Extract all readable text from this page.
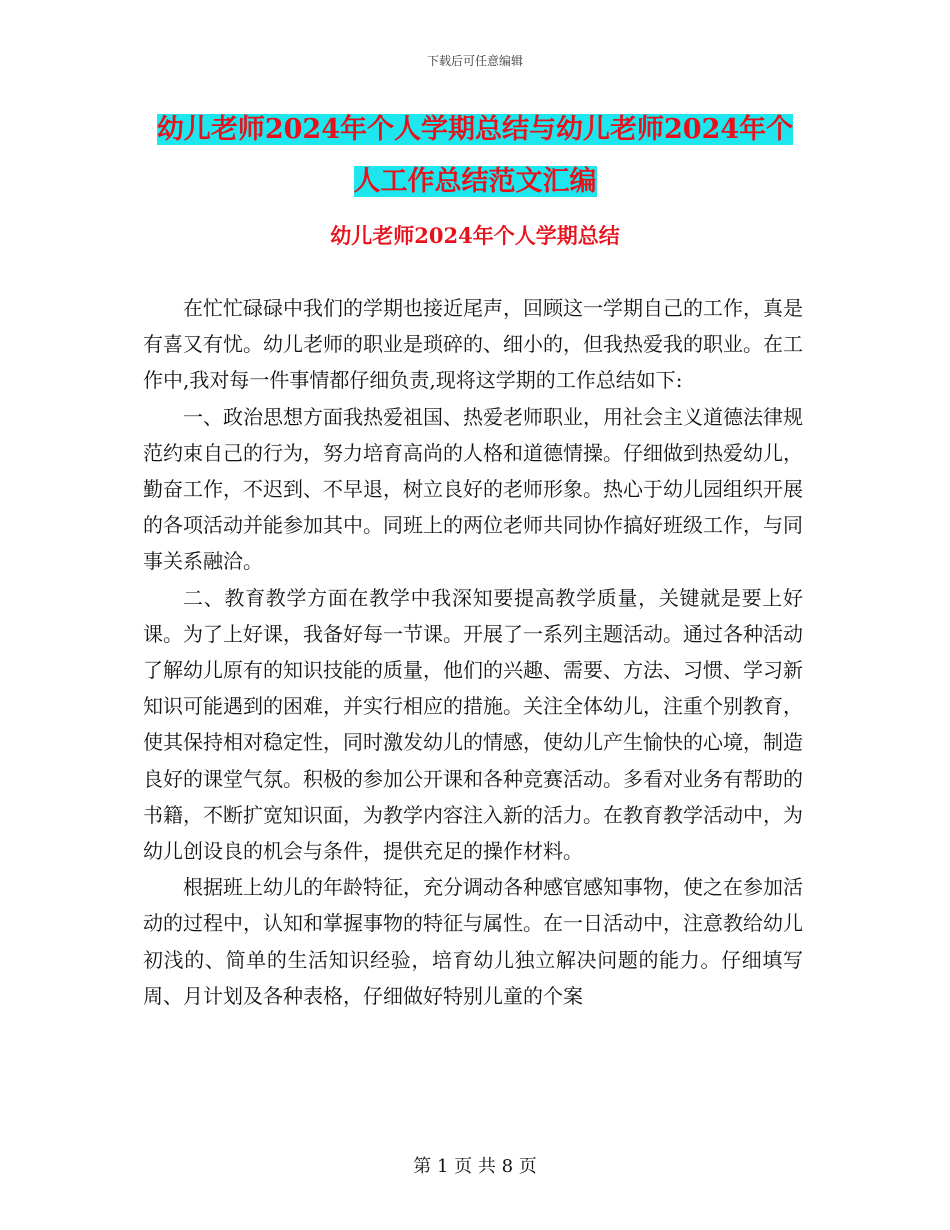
下载后可任意编辑
幼儿老师2024年个人学期总结与幼儿老师2024年个
人工作总结范文汇编
幼儿老师2024年个人学期总结

在忙忙碌碌中我们的学期也接近尾声，回顾这一学期自己的工作，真是有喜又有忧。幼儿老师的职业是琐碎的、细小的，但我热爱我的职业。在工作中,我对每一件事情都仔细负责,现将这学期的工作总结如下:

一、政治思想方面我热爱祖国、热爱老师职业，用社会主义道德法律规范约束自己的行为，努力培育高尚的人格和道德情操。仔细做到热爱幼儿，勤奋工作，不迟到、不早退，树立良好的老师形象。热心于幼儿园组织开展的各项活动并能参加其中。同班上的两位老师共同协作搞好班级工作，与同事关系融洽。

二、教育教学方面在教学中我深知要提高教学质量，关键就是要上好课。为了上好课，我备好每一节课。开展了一系列主题活动。通过各种活动了解幼儿原有的知识技能的质量，他们的兴趣、需要、方法、习惯、学习新知识可能遇到的困难，并实行相应的措施。关注全体幼儿，注重个别教育，使其保持相对稳定性，同时激发幼儿的情感，使幼儿产生愉快的心境，制造良好的课堂气氛。积极的参加公开课和各种竞赛活动。多看对业务有帮助的书籍，不断扩宽知识面，为教学内容注入新的活力。在教育教学活动中，为幼儿创设良的机会与条件，提供充足的操作材料。

根据班上幼儿的年龄特征，充分调动各种感官感知事物，使之在参加活动的过程中，认知和掌握事物的特征与属性。在一日活动中，注意教给幼儿初浅的、简单的生活知识经验，培育幼儿独立解决问题的能力。仔细填写周、月计划及各种表格，仔细做好特别儿童的个案

第 1 页 共 8 页
